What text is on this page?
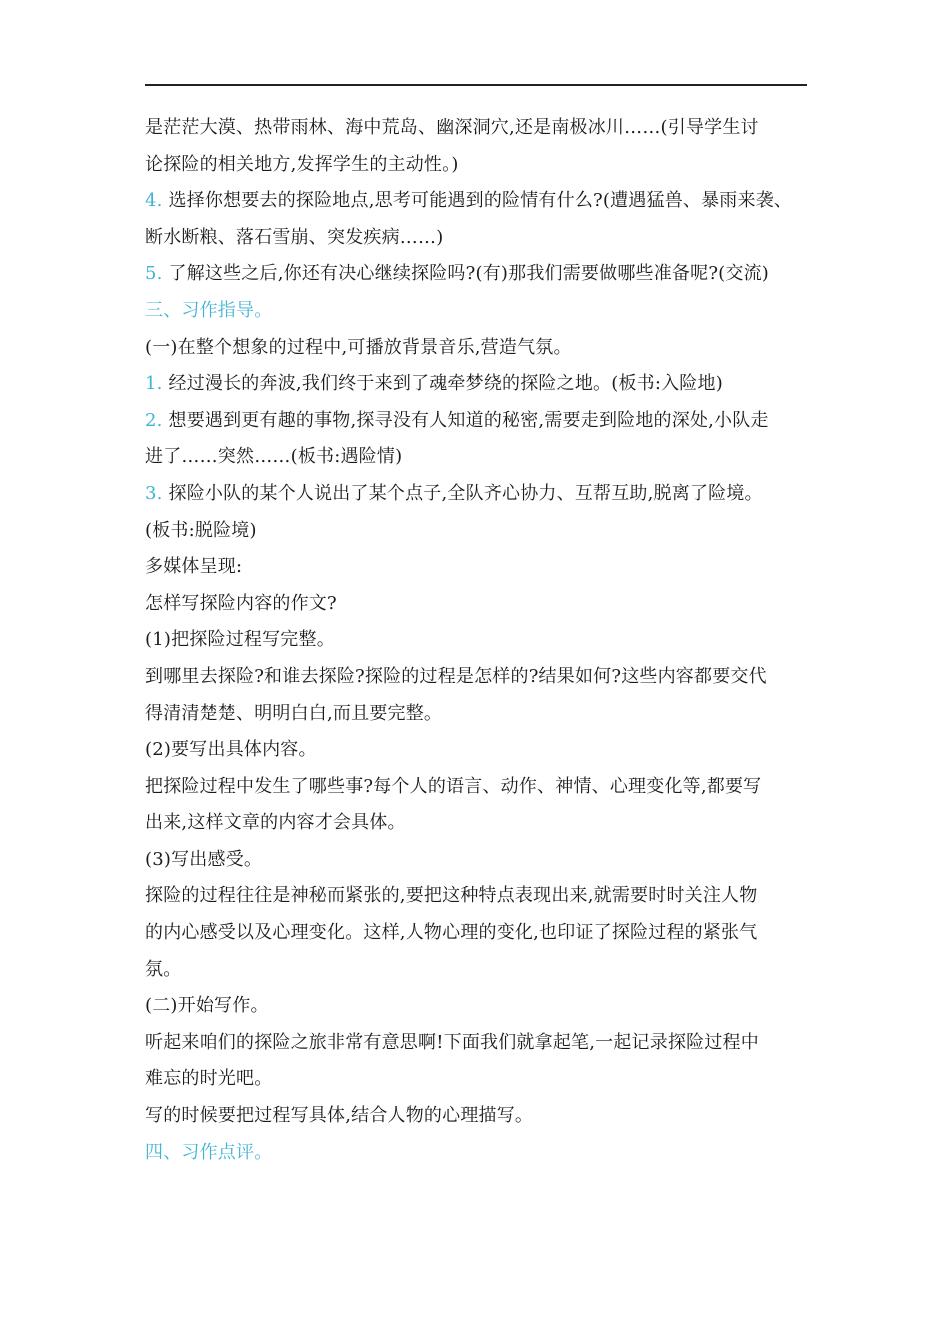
是茫茫大漠、热带雨林、海中荒岛、幽深洞穴,还是南极冰川……(引导学生讨
论探险的相关地方,发挥学生的主动性。)
4. 选择你想要去的探险地点,思考可能遇到的险情有什么?(遭遇猛兽、暴雨来袭、
断水断粮、落石雪崩、突发疾病……)
5. 了解这些之后,你还有决心继续探险吗?(有)那我们需要做哪些准备呢?(交流)
三、习作指导。
(一)在整个想象的过程中,可播放背景音乐,营造气氛。
1. 经过漫长的奔波,我们终于来到了魂牵梦绕的探险之地。(板书:入险地)
2. 想要遇到更有趣的事物,探寻没有人知道的秘密,需要走到险地的深处,小队走
进了……突然……(板书:遇险情)
3. 探险小队的某个人说出了某个点子,全队齐心协力、互帮互助,脱离了险境。
(板书:脱险境)
多媒体呈现:
怎样写探险内容的作文?
(1)把探险过程写完整。
到哪里去探险?和谁去探险?探险的过程是怎样的?结果如何?这些内容都要交代
得清清楚楚、明明白白,而且要完整。
(2)要写出具体内容。
把探险过程中发生了哪些事?每个人的语言、动作、神情、心理变化等,都要写
出来,这样文章的内容才会具体。
(3)写出感受。
探险的过程往往是神秘而紧张的,要把这种特点表现出来,就需要时时关注人物
的内心感受以及心理变化。这样,人物心理的变化,也印证了探险过程的紧张气
氛。
(二)开始写作。
听起来咱们的探险之旅非常有意思啊!下面我们就拿起笔,一起记录探险过程中
难忘的时光吧。
写的时候要把过程写具体,结合人物的心理描写。
四、习作点评。
